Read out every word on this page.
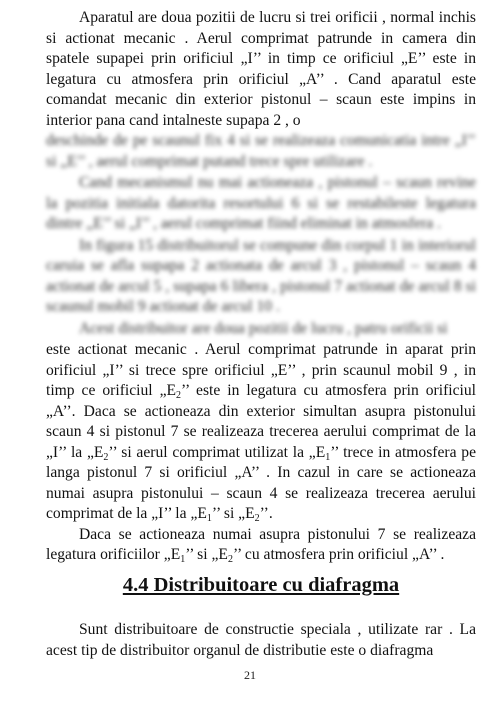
Aparatul are doua pozitii de lucru si trei orificii , normal inchis si actionat mecanic . Aerul comprimat patrunde in camera din spatele supapei prin orificiul „I’’ in timp ce orificiul „E’’ este in legatura cu atmosfera prin orificiul „A’’ . Cand aparatul este comandat mecanic din exterior pistonul – scaun este impins in interior pana cand intalneste supapa 2 , o

deschinde de pe scaunul fix 4 si se realizeaza comunicatia intre „I’’ si „E’’ , aerul comprimat putand trece spre utilizare .

Cand mecanismul nu mai actioneaza , pistonul – scaun revine la pozitia initiala datorita resortului 6 si se restabileste legatura dintre „E’’ si „I’’ , aerul comprimat fiind eliminat in atmosfera .

In figura 15 distribuitorul se compune din corpul 1 in interiorul caruia se afla supapa 2 actionata de arcul 3 , pistonul – scaun 4 actionat de arcul 5 , supapa 6 libera , pistonul 7 actionat de arcul 8 si scaunul mobil 9 actionat de arcul 10 .

Acest distribuitor are doua pozitii de lucru , patru orificii si

este actionat mecanic . Aerul comprimat patrunde in aparat prin orificiul „I’’ si trece spre orificiul „E’’ , prin scaunul mobil 9 , in timp ce orificiul $„E_2$’’ este in legatura cu atmosfera prin orificiul „A’’. Daca se actioneaza din exterior simultan asupra pistonului scaun 4 si pistonul 7 se realizeaza trecerea aerului comprimat de la „I’’ la $„E_2$’’ si aerul comprimat utilizat la $„E_1$’’ trece in atmosfera pe langa pistonul 7 si orificiul „A’’ . In cazul in care se actioneaza numai asupra pistonului – scaun 4 se realizeaza trecerea aerului comprimat de la „I’’ la $„E_1$’’ si $„E_2$’’.

Daca se actioneaza numai asupra pistonului 7 se realizeaza legatura orificiilor $„E_1$’’ si $„E_2$’’ cu atmosfera prin orificiul „A’’ .

4.4 Distribuitoare cu diafragma

Sunt distribuitoare de constructie speciala , utilizate rar . La acest tip de distribuitor organul de distributie este o diafragma

21
